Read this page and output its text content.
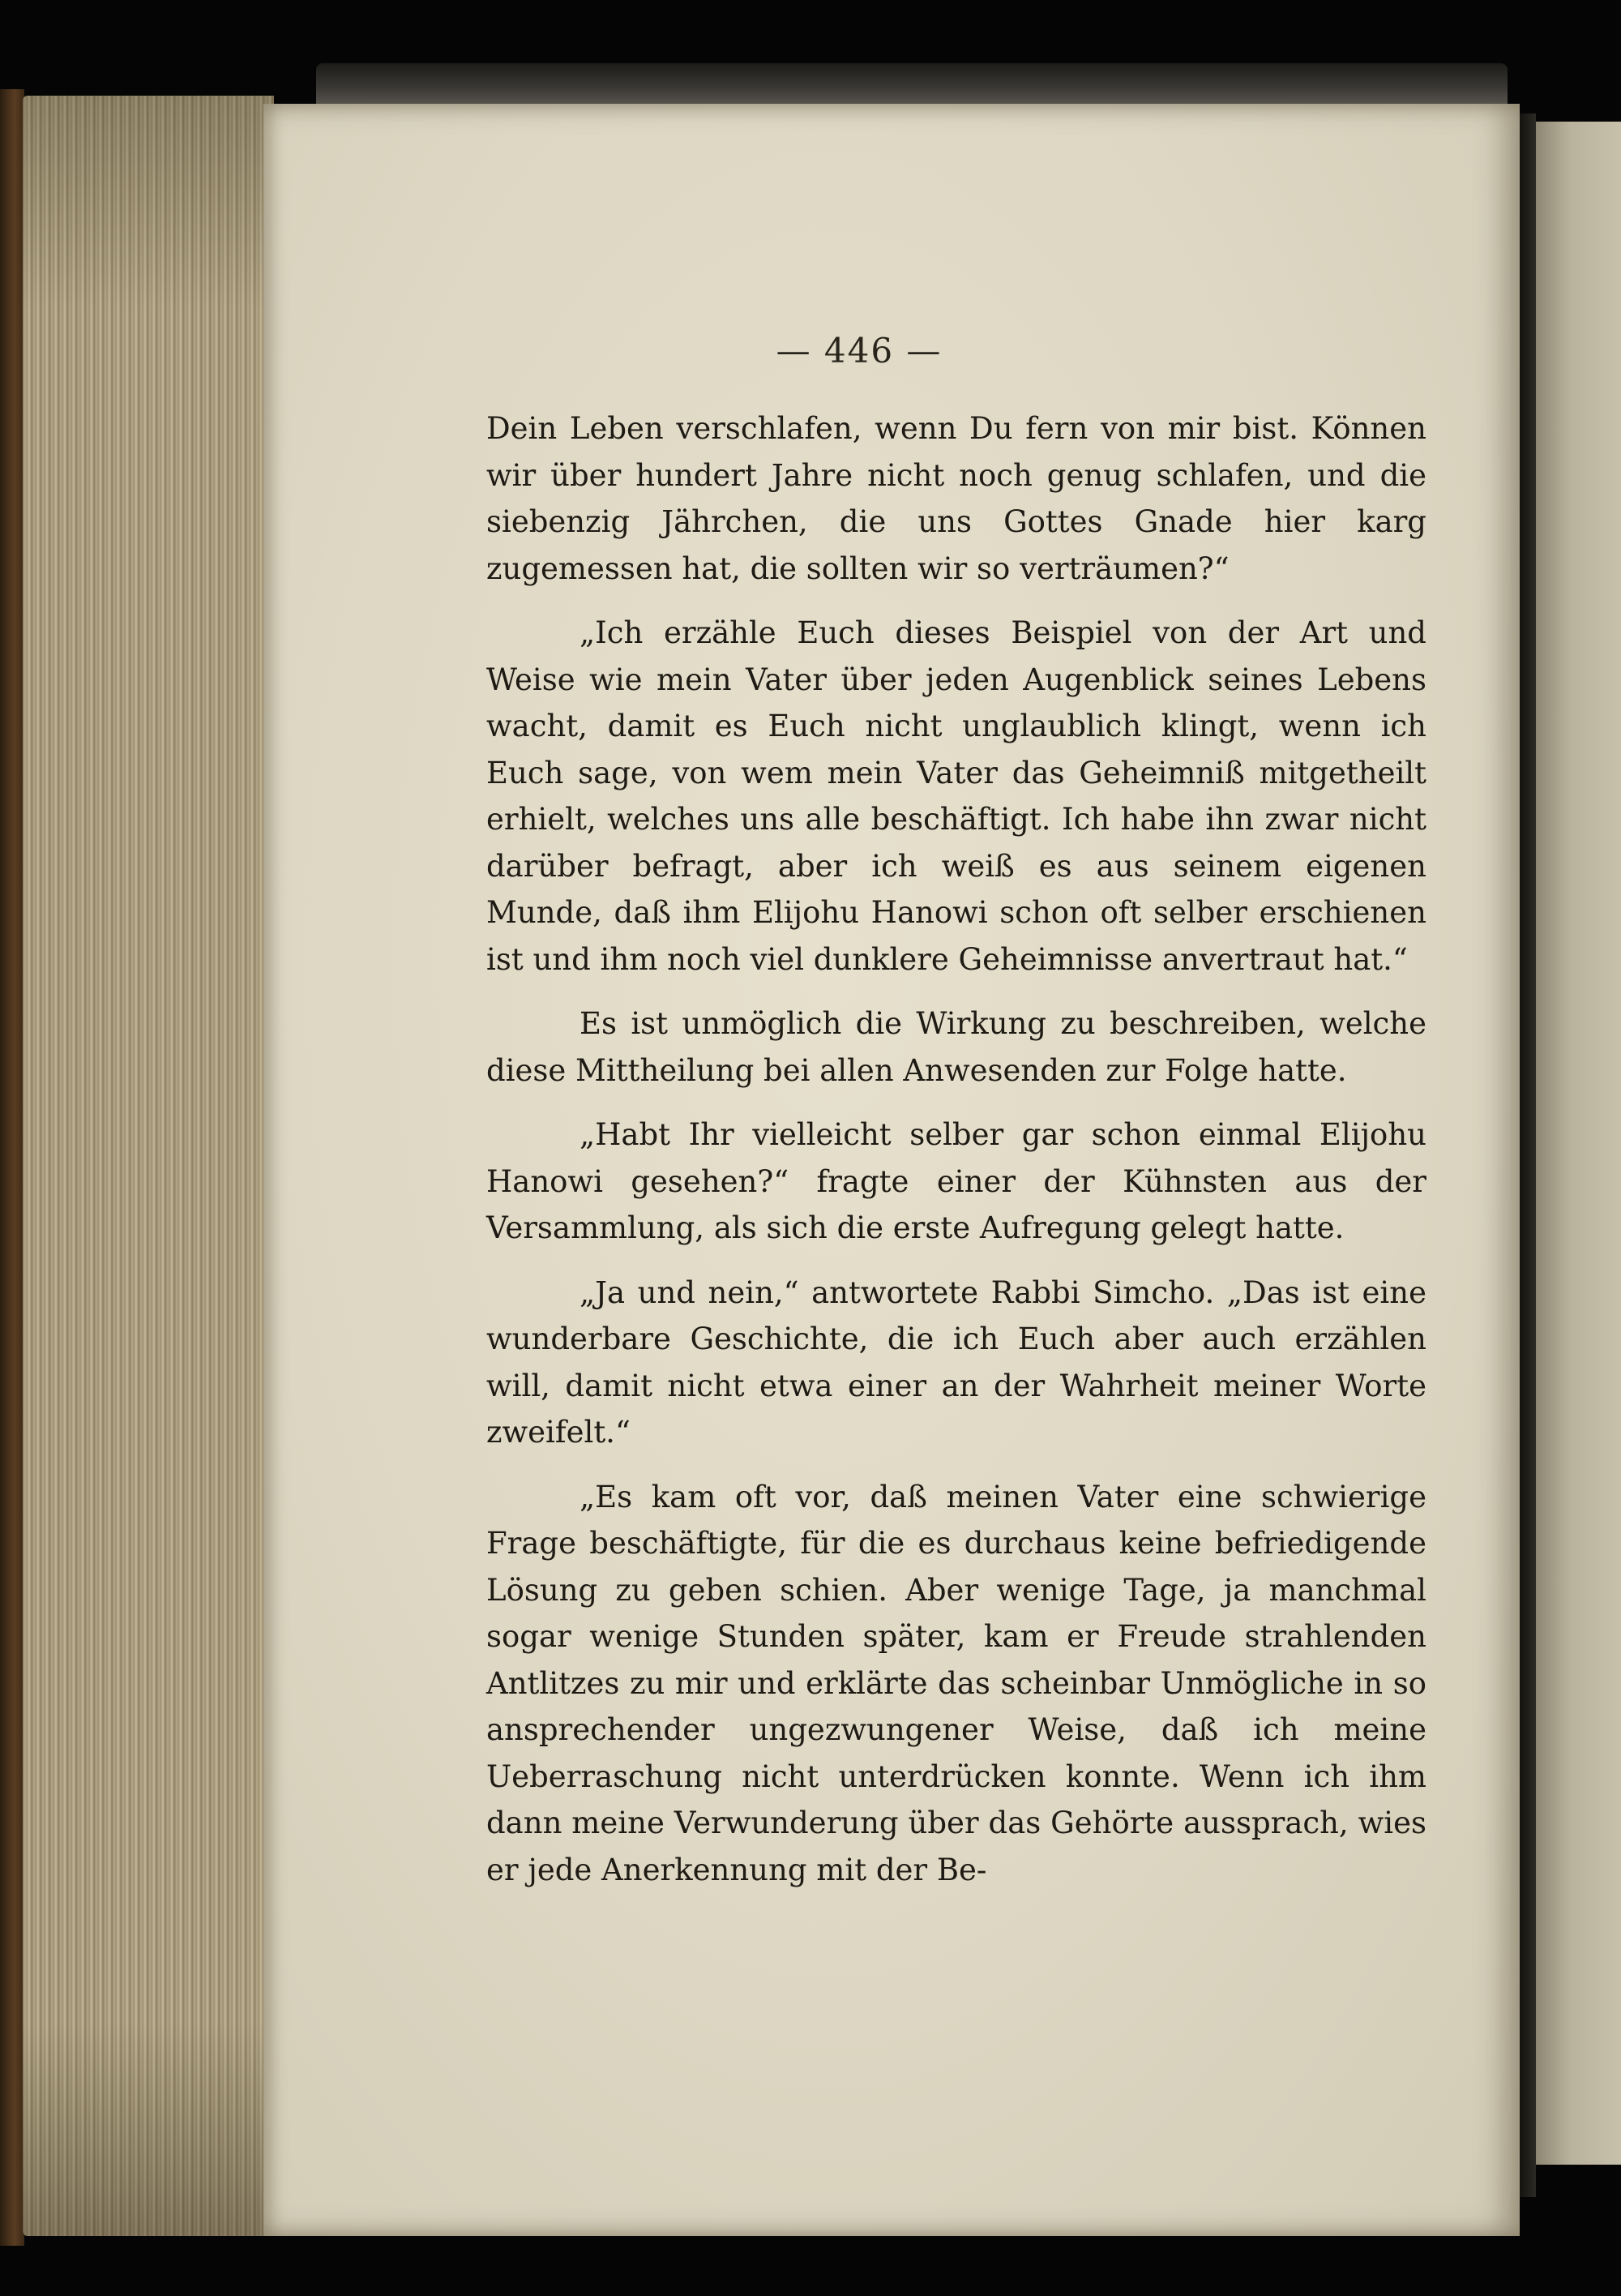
— 446 —

Dein Leben verschlafen, wenn Du fern von mir bist. Können wir über hundert Jahre nicht noch genug schlafen, und die siebenzig Jährchen, die uns Gottes Gnade hier karg zugemessen hat, die sollten wir so verträumen?“

„Ich erzähle Euch dieses Beispiel von der Art und Weise wie mein Vater über jeden Augenblick seines Lebens wacht, damit es Euch nicht unglaublich klingt, wenn ich Euch sage, von wem mein Vater das Geheimniß mitgetheilt erhielt, welches uns alle beschäftigt. Ich habe ihn zwar nicht darüber befragt, aber ich weiß es aus seinem eigenen Munde, daß ihm Elijohu Hanowi schon oft selber erschienen ist und ihm noch viel dunklere Geheimnisse anvertraut hat.“

Es ist unmöglich die Wirkung zu beschreiben, welche diese Mittheilung bei allen Anwesenden zur Folge hatte.

„Habt Ihr vielleicht selber gar schon einmal Elijohu Hanowi gesehen?“ fragte einer der Kühnsten aus der Versammlung, als sich die erste Aufregung gelegt hatte.

„Ja und nein,“ antwortete Rabbi Simcho. „Das ist eine wunderbare Geschichte, die ich Euch aber auch erzählen will, damit nicht etwa einer an der Wahrheit meiner Worte zweifelt.“

„Es kam oft vor, daß meinen Vater eine schwierige Frage beschäftigte, für die es durchaus keine befriedigende Lösung zu geben schien. Aber wenige Tage, ja manchmal sogar wenige Stunden später, kam er Freude strahlenden Antlitzes zu mir und erklärte das scheinbar Unmögliche in so ansprechender ungezwungener Weise, daß ich meine Ueberraschung nicht unterdrücken konnte. Wenn ich ihm dann meine Verwunderung über das Gehörte aussprach, wies er jede Anerkennung mit der Be-
